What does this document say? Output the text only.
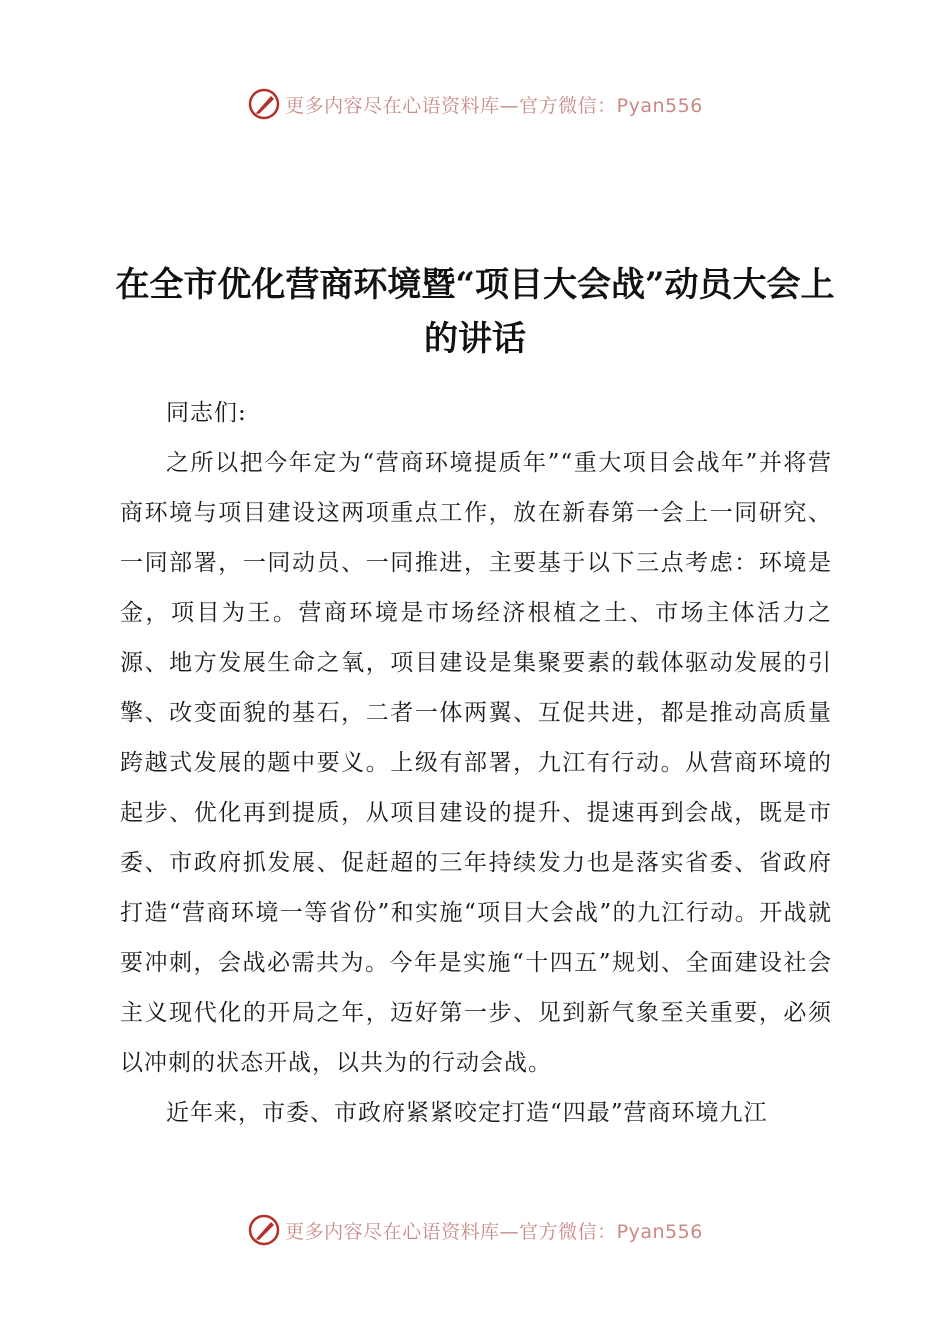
更多内容尽在心语资料库—官方微信：Pyan556
在全市优化营商环境暨“项目大会战”动员大会上的讲话

同志们:

之所以把今年定为“营商环境提质年”“重大项目会战年”并将营商环境与项目建设这两项重点工作，放在新春第一会上一同研究、一同部署，一同动员、一同推进，主要基于以下三点考虑：环境是金，项目为王。营商环境是市场经济根植之土、市场主体活力之源、地方发展生命之氧，项目建设是集聚要素的载体驱动发展的引擎、改变面貌的基石，二者一体两翼、互促共进，都是推动高质量跨越式发展的题中要义。上级有部署，九江有行动。从营商环境的起步、优化再到提质，从项目建设的提升、提速再到会战，既是市委、市政府抓发展、促赶超的三年持续发力也是落实省委、省政府打造“营商环境一等省份”和实施“项目大会战”的九江行动。开战就要冲刺，会战必需共为。今年是实施“十四五”规划、全面建设社会主义现代化的开局之年，迈好第一步、见到新气象至关重要，必须以冲刺的状态开战，以共为的行动会战。

近年来，市委、市政府紧紧咬定打造“四最”营商环境九江

更多内容尽在心语资料库—官方微信：Pyan556
